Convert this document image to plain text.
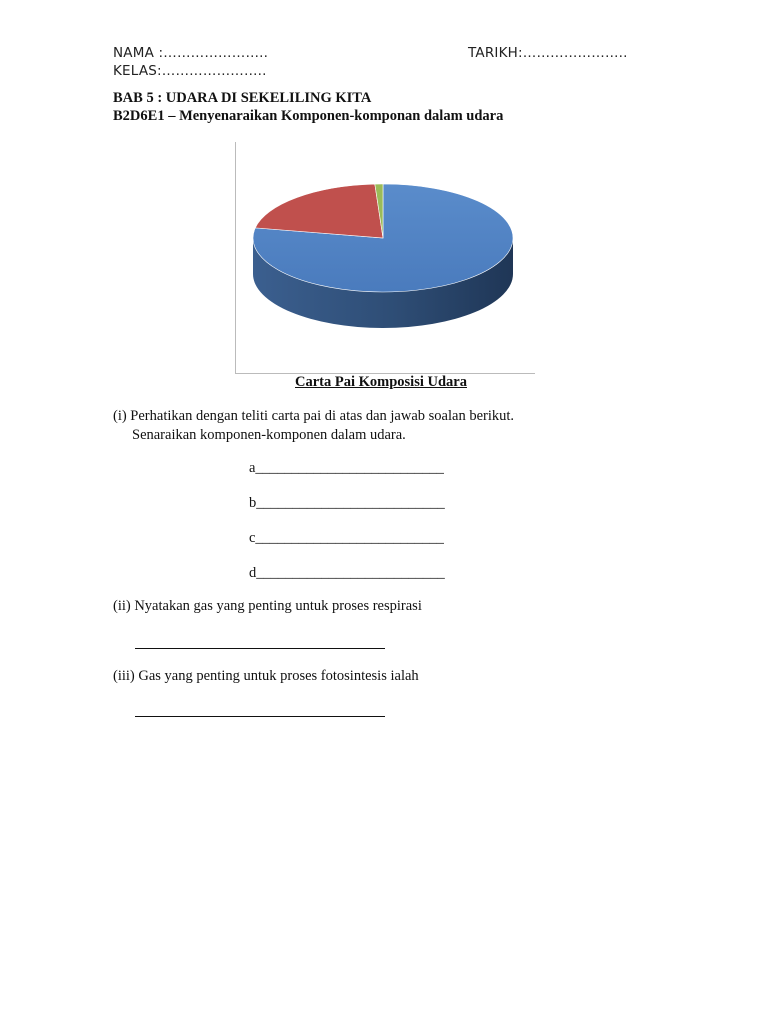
NAMA :…………………..	TARIKH:…………………..
KELAS:…………………..
BAB 5 : UDARA DI SEKELILING KITA
B2D6E1 – Menyenaraikan Komponen-komponan dalam udara
Carta Pai Komposisi Udara
(i) Perhatikan dengan teliti carta pai di atas dan jawab soalan berikut.
Senaraikan komponen-komponen dalam udara.
a__________________________
b__________________________
c__________________________
d__________________________
(ii) Nyatakan gas yang penting untuk proses respirasi
(iii) Gas yang penting untuk proses fotosintesis ialah
